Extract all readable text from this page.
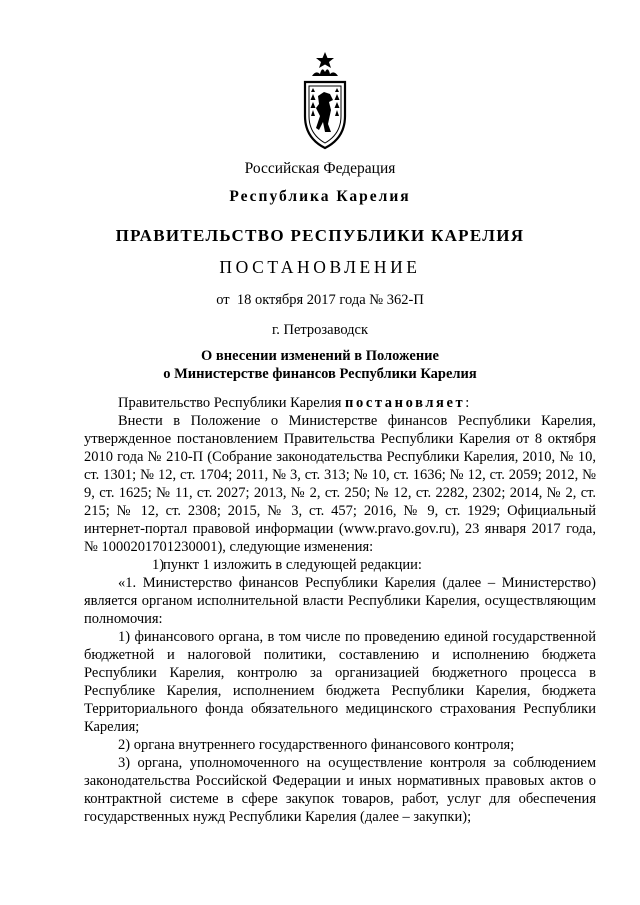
Российская Федерация
Республика Карелия
ПРАВИТЕЛЬСТВО РЕСПУБЛИКИ КАРЕЛИЯ
ПОСТАНОВЛЕНИЕ
от  18 октября 2017 года № 362-П
г. Петрозаводск
О внесении изменений в Положение
о Министерстве финансов Республики Карелия

Правительство Республики Карелия постановляет:

Внести в Положение о Министерстве финансов Республики Карелия, утвержденное постановлением Правительства Республики Карелия от 8 октября 2010 года № 210-П (Собрание законодательства Республики Карелия, 2010, № 10, ст. 1301; № 12, ст. 1704; 2011, № 3, ст. 313; № 10, ст. 1636; № 12, ст. 2059; 2012, № 9, ст. 1625; № 11, ст. 2027; 2013, № 2, ст. 250; № 12, ст. 2282, 2302; 2014, № 2, ст. 215; № 12, ст. 2308; 2015, № 3, ст. 457; 2016, № 9, ст. 1929; Официальный интернет-портал правовой информации (www.pravo.gov.ru), 23 января 2017 года, № 1000201701230001), следующие изменения:

1)пункт 1 изложить в следующей редакции:

«1. Министерство финансов Республики Карелия (далее – Министерство) является органом исполнительной власти Республики Карелия, осуществляющим полномочия:

1) финансового органа, в том числе по проведению единой государственной бюджетной и налоговой политики, составлению и исполнению бюджета Республики Карелия, контролю за организацией бюджетного процесса в Республике Карелия, исполнением бюджета Республики Карелия, бюджета Территориального фонда обязательного медицинского страхования Республики Карелия;

2) органа внутреннего государственного финансового контроля;

3) органа, уполномоченного на осуществление контроля за соблюдением законодательства Российской Федерации и иных нормативных правовых актов о контрактной системе в сфере закупок товаров, работ, услуг для обеспечения государственных нужд Республики Карелия (далее – закупки);
